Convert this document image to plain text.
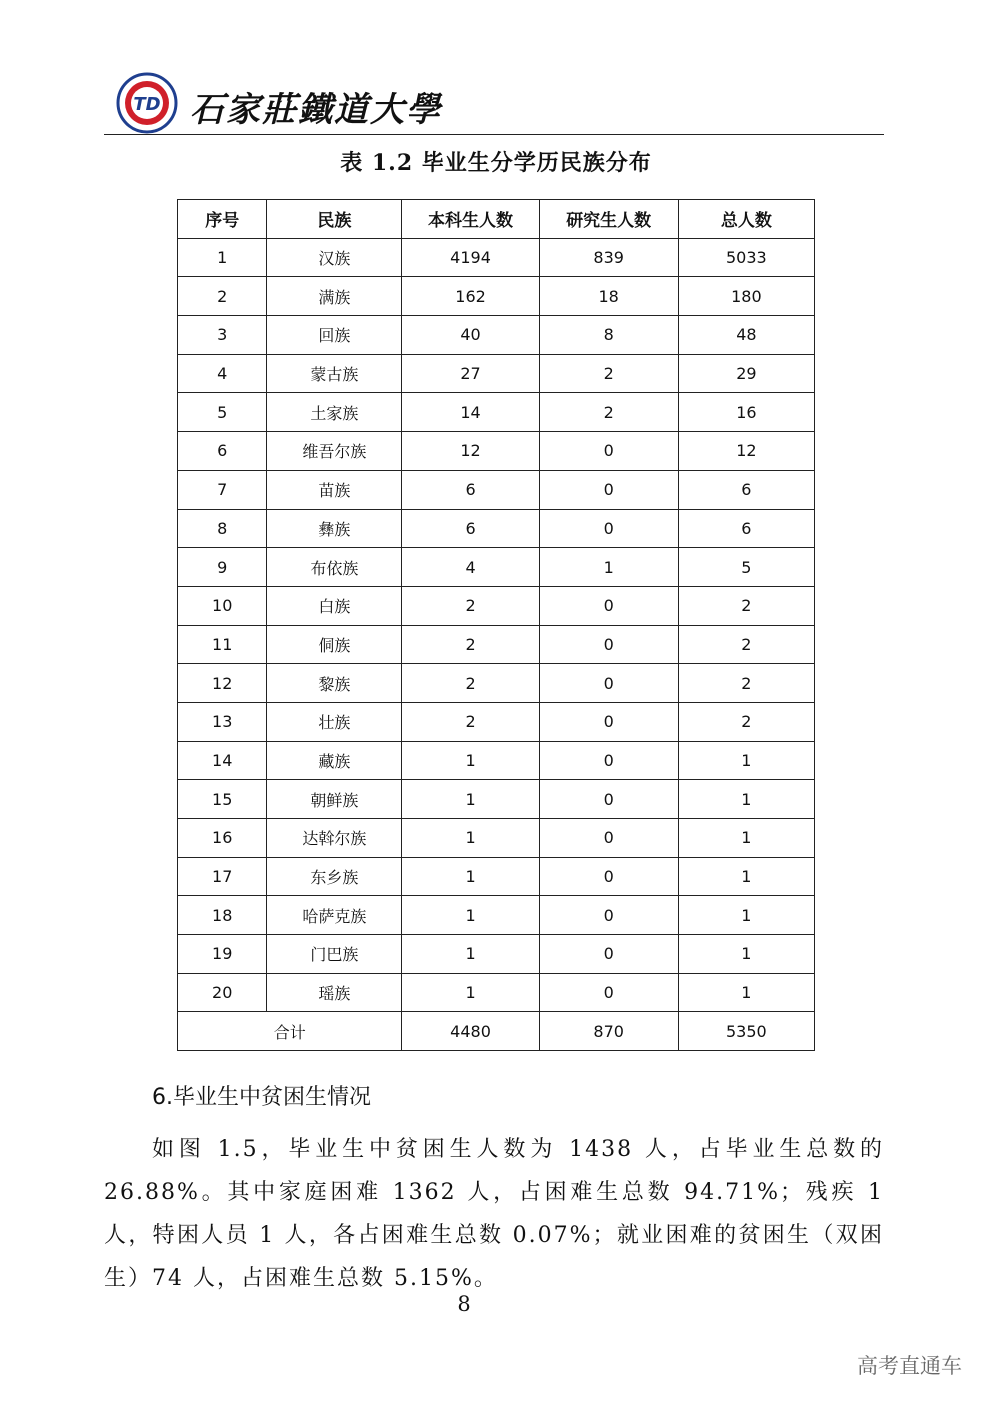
TD 石家莊鐵道大學
表 1.2 毕业生分学历民族分布
序号	民族	本科生人数	研究生人数	总人数
1	汉族	4194	839	5033
2	满族	162	18	180
3	回族	40	8	48
4	蒙古族	27	2	29
5	土家族	14	2	16
6	维吾尔族	12	0	12
7	苗族	6	0	6
8	彝族	6	0	6
9	布依族	4	1	5
10	白族	2	0	2
11	侗族	2	0	2
12	黎族	2	0	2
13	壮族	2	0	2
14	藏族	1	0	1
15	朝鲜族	1	0	1
16	达斡尔族	1	0	1
17	东乡族	1	0	1
18	哈萨克族	1	0	1
19	门巴族	1	0	1
20	瑶族	1	0	1
合计		4480	870	5350
6.毕业生中贫困生情况
如图 1.5，毕业生中贫困生人数为 1438 人，占毕业生总数的 26.88%。其中家庭困难 1362 人，占困难生总数 94.71%；残疾 1 人，特困人员 1 人，各占困难生总数 0.07%；就业困难的贫困生（双困生）74 人，占困难生总数 5.15%。
8
高考直通车
